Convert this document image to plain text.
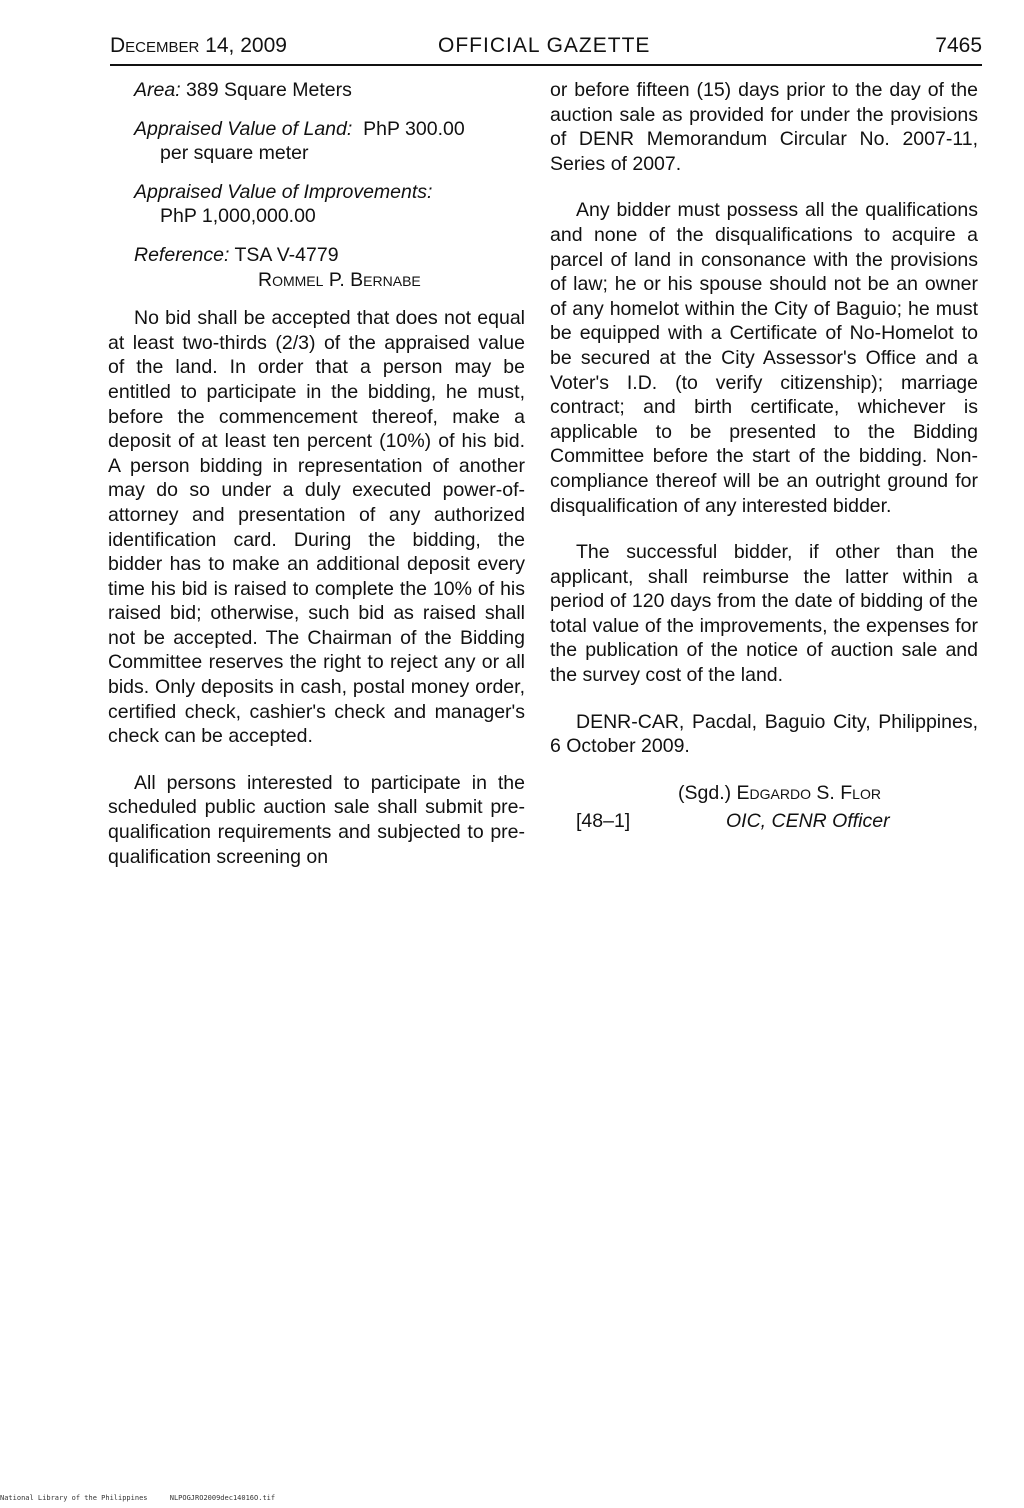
December 14, 2009	OFFICIAL GAZETTE	7465
Area: 389 Square Meters
Appraised Value of Land: PhP 300.00
per square meter
Appraised Value of Improvements:
PhP 1,000,000.00
Reference: TSA V-4779
Rommel P. Bernabe

No bid shall be accepted that does not equal at least two-thirds (2/3) of the appraised value of the land. In order that a person may be entitled to participate in the bidding, he must, before the commencement thereof, make a deposit of at least ten percent (10%) of his bid. A person bidding in representation of another may do so under a duly executed power-of-attorney and presentation of any authorized identification card. During the bidding, the bidder has to make an additional deposit every time his bid is raised to complete the 10% of his raised bid; otherwise, such bid as raised shall not be accepted. The Chairman of the Bidding Committee reserves the right to reject any or all bids. Only deposits in cash, postal money order, certified check, cashier's check and manager's check can be accepted.

All persons interested to participate in the scheduled public auction sale shall submit pre-qualification requirements and subjected to pre-qualification screening on

or before fifteen (15) days prior to the day of the auction sale as provided for under the provisions of DENR Memorandum Circular No. 2007-11, Series of 2007.

Any bidder must possess all the qualifications and none of the disqualifications to acquire a parcel of land in consonance with the provisions of law; he or his spouse should not be an owner of any homelot within the City of Baguio; he must be equipped with a Certificate of No-Homelot to be secured at the City Assessor's Office and a Voter's I.D. (to verify citizenship); marriage contract; and birth certificate, whichever is applicable to be presented to the Bidding Committee before the start of the bidding. Non-compliance thereof will be an outright ground for disqualification of any interested bidder.

The successful bidder, if other than the applicant, shall reimburse the latter within a period of 120 days from the date of bidding of the total value of the improvements, the expenses for the publication of the notice of auction sale and the survey cost of the land.

DENR-CAR, Pacdal, Baguio City, Philippines, 6 October 2009.

(Sgd.) Edgardo S. Flor
[48–1]	OIC, CENR Officer
National Library of the Philippines	NLPOGJRO2009dec14016O.tif
